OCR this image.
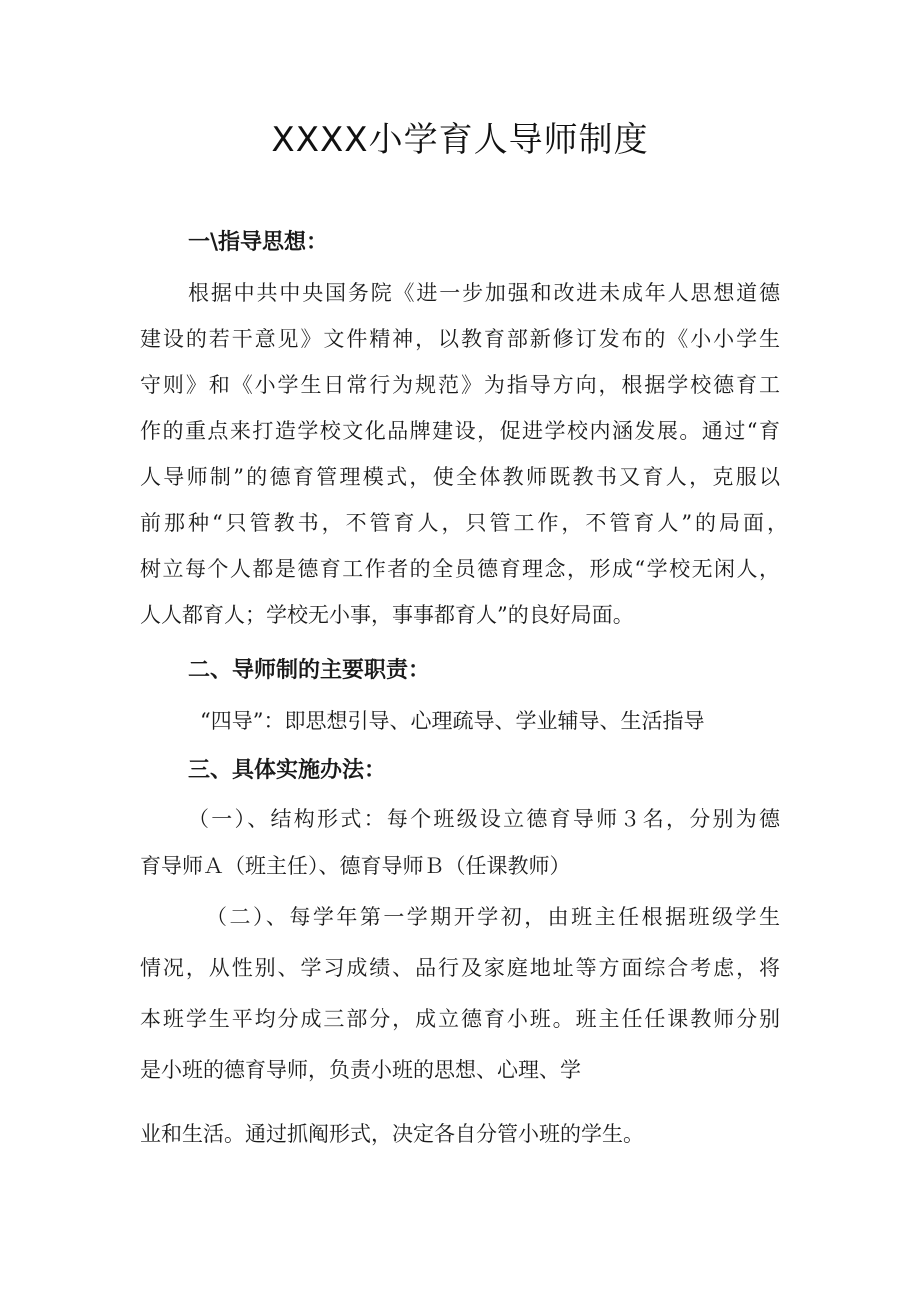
XXXX小学育人导师制度
一\指导思想：
根据中共中央国务院《进一步加强和改进未成年人思想道德
建设的若干意见》文件精神，以教育部新修订发布的《小小学生
守则》和《小学生日常行为规范》为指导方向，根据学校德育工
作的重点来打造学校文化品牌建设，促进学校内涵发展。通过“育
人导师制”的德育管理模式，使全体教师既教书又育人，克服以
前那种“只管教书，不管育人，只管工作，不管育人”的局面，
树立每个人都是德育工作者的全员德育理念，形成“学校无闲人，
人人都育人；学校无小事，事事都育人”的良好局面。
二、导师制的主要职责：
“四导”：即思想引导、心理疏导、学业辅导、生活指导
三、具体实施办法：
（一）、结构形式：每个班级设立德育导师３名，分别为德
育导师Ａ（班主任）、德育导师Ｂ（任课教师）
（二）、每学年第一学期开学初，由班主任根据班级学生
情况，从性别、学习成绩、品行及家庭地址等方面综合考虑，将
本班学生平均分成三部分，成立德育小班。班主任任课教师分别
是小班的德育导师，负责小班的思想、心理、学
业和生活。通过抓阄形式，决定各自分管小班的学生。
